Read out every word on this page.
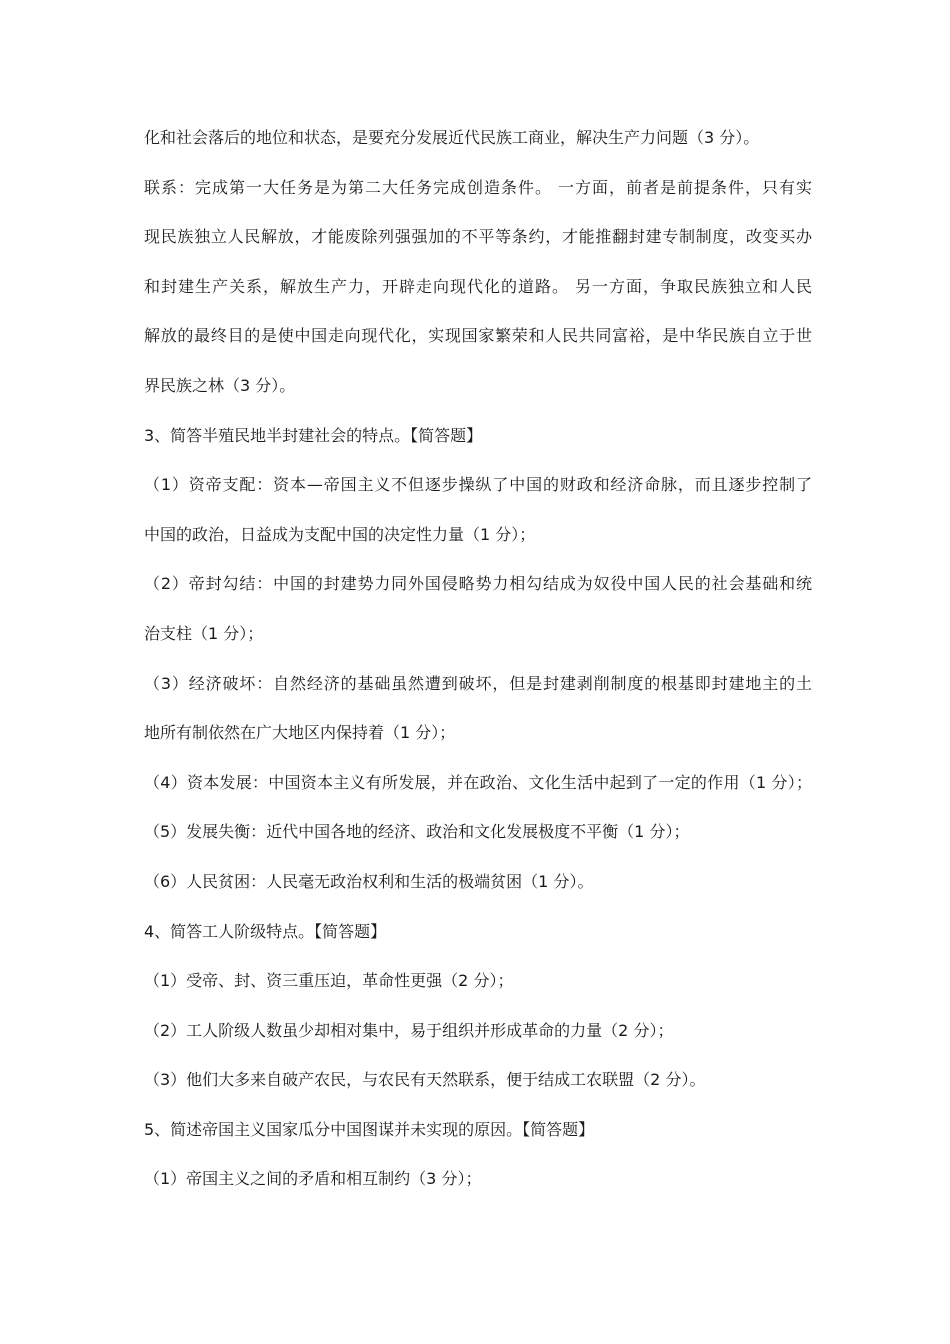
化和社会落后的地位和状态，是要充分发展近代民族工商业，解决生产力问题（3 分）。
联系：完成第一大任务是为第二大任务完成创造条件。 一方面，前者是前提条件，只有实
现民族独立人民解放，才能废除列强强加的不平等条约，才能推翻封建专制制度，改变买办
和封建生产关系，解放生产力，开辟走向现代化的道路。 另一方面，争取民族独立和人民
解放的最终目的是使中国走向现代化，实现国家繁荣和人民共同富裕，是中华民族自立于世
界民族之林（3 分）。
3、简答半殖民地半封建社会的特点。【简答题】
（1）资帝支配：资本—帝国主义不但逐步操纵了中国的财政和经济命脉，而且逐步控制了
中国的政治，日益成为支配中国的决定性力量（1 分）；
（2）帝封勾结：中国的封建势力同外国侵略势力相勾结成为奴役中国人民的社会基础和统
治支柱（1 分）；
（3）经济破坏：自然经济的基础虽然遭到破坏，但是封建剥削制度的根基即封建地主的土
地所有制依然在广大地区内保持着（1 分）；
（4）资本发展：中国资本主义有所发展，并在政治、文化生活中起到了一定的作用（1 分）；
（5）发展失衡：近代中国各地的经济、政治和文化发展极度不平衡（1 分）；
（6）人民贫困：人民毫无政治权利和生活的极端贫困（1 分）。
4、简答工人阶级特点。【简答题】
（1）受帝、封、资三重压迫，革命性更强（2 分）；
（2）工人阶级人数虽少却相对集中，易于组织并形成革命的力量（2 分）；
（3）他们大多来自破产农民，与农民有天然联系，便于结成工农联盟（2 分）。
5、简述帝国主义国家瓜分中国图谋并未实现的原因。【简答题】
（1）帝国主义之间的矛盾和相互制约（3 分）；
